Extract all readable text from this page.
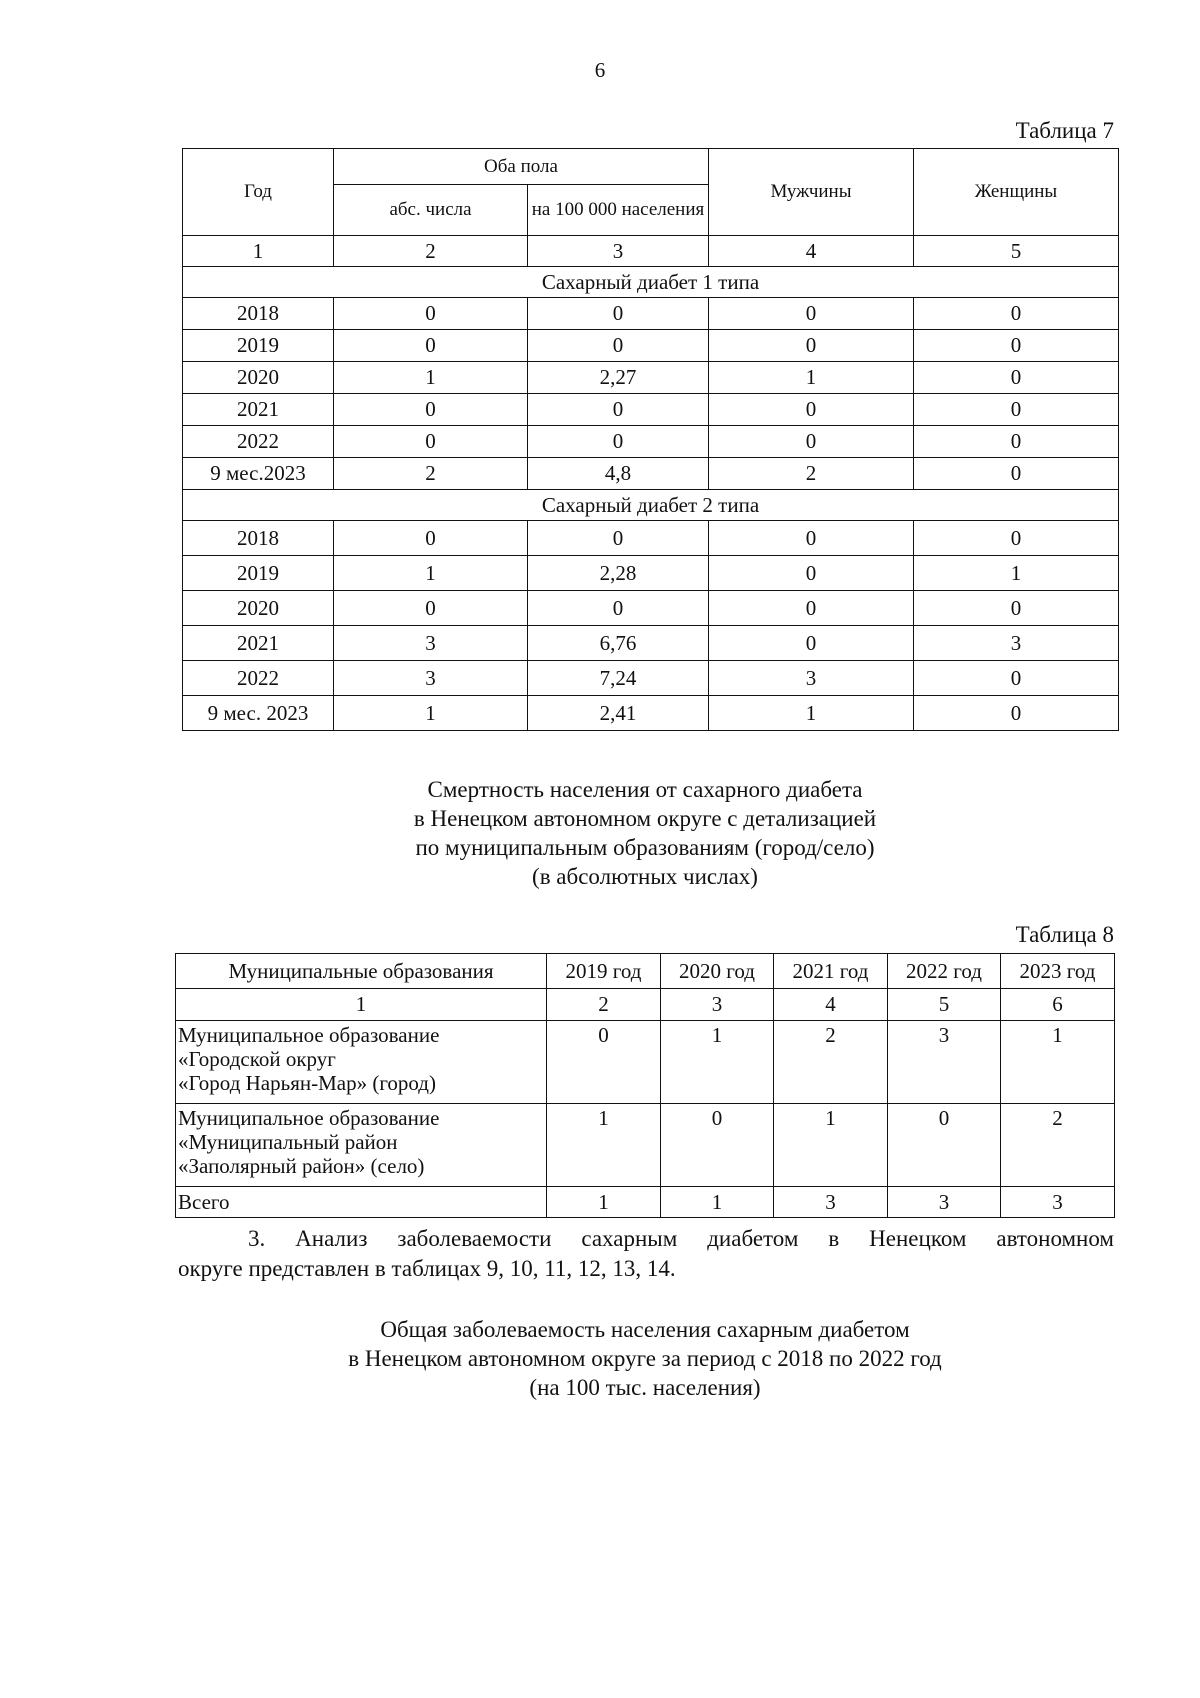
6
Таблица 7
Год	Оба пола		Мужчины	Женщины
	абс. числа	на 100 000 населения		
1	2	3	4	5
Сахарный диабет 1 типа				
2018	0	0	0	0
2019	0	0	0	0
2020	1	2,27	1	0
2021	0	0	0	0
2022	0	0	0	0
9 мес.2023	2	4,8	2	0
Сахарный диабет 2 типа				
2018	0	0	0	0
2019	1	2,28	0	1
2020	0	0	0	0
2021	3	6,76	0	3
2022	3	7,24	3	0
9 мес. 2023	1	2,41	1	0
Смертность населения от сахарного диабета
в Ненецком автономном округе с детализацией
по муниципальным образованиям (город/село)
(в абсолютных числах)
Таблица 8
Муниципальные образования	2019 год	2020 год	2021 год	2022 год	2023 год
1	2	3	4	5	6

Муниципальное образование
«Городской округ
«Город Нарьян-Мар» (город)	0	1	2	3	1

Муниципальное образование
«Муниципальный район
«Заполярный район» (село)	1	0	1	0	2
Всего	1	1	3	3	3
3. Анализ заболеваемости сахарным диабетом в Ненецком автономном
округе представлен в таблицах 9, 10, 11, 12, 13, 14.
Общая заболеваемость населения сахарным диабетом
в Ненецком автономном округе за период с 2018 по 2022 год
(на 100 тыс. населения)
